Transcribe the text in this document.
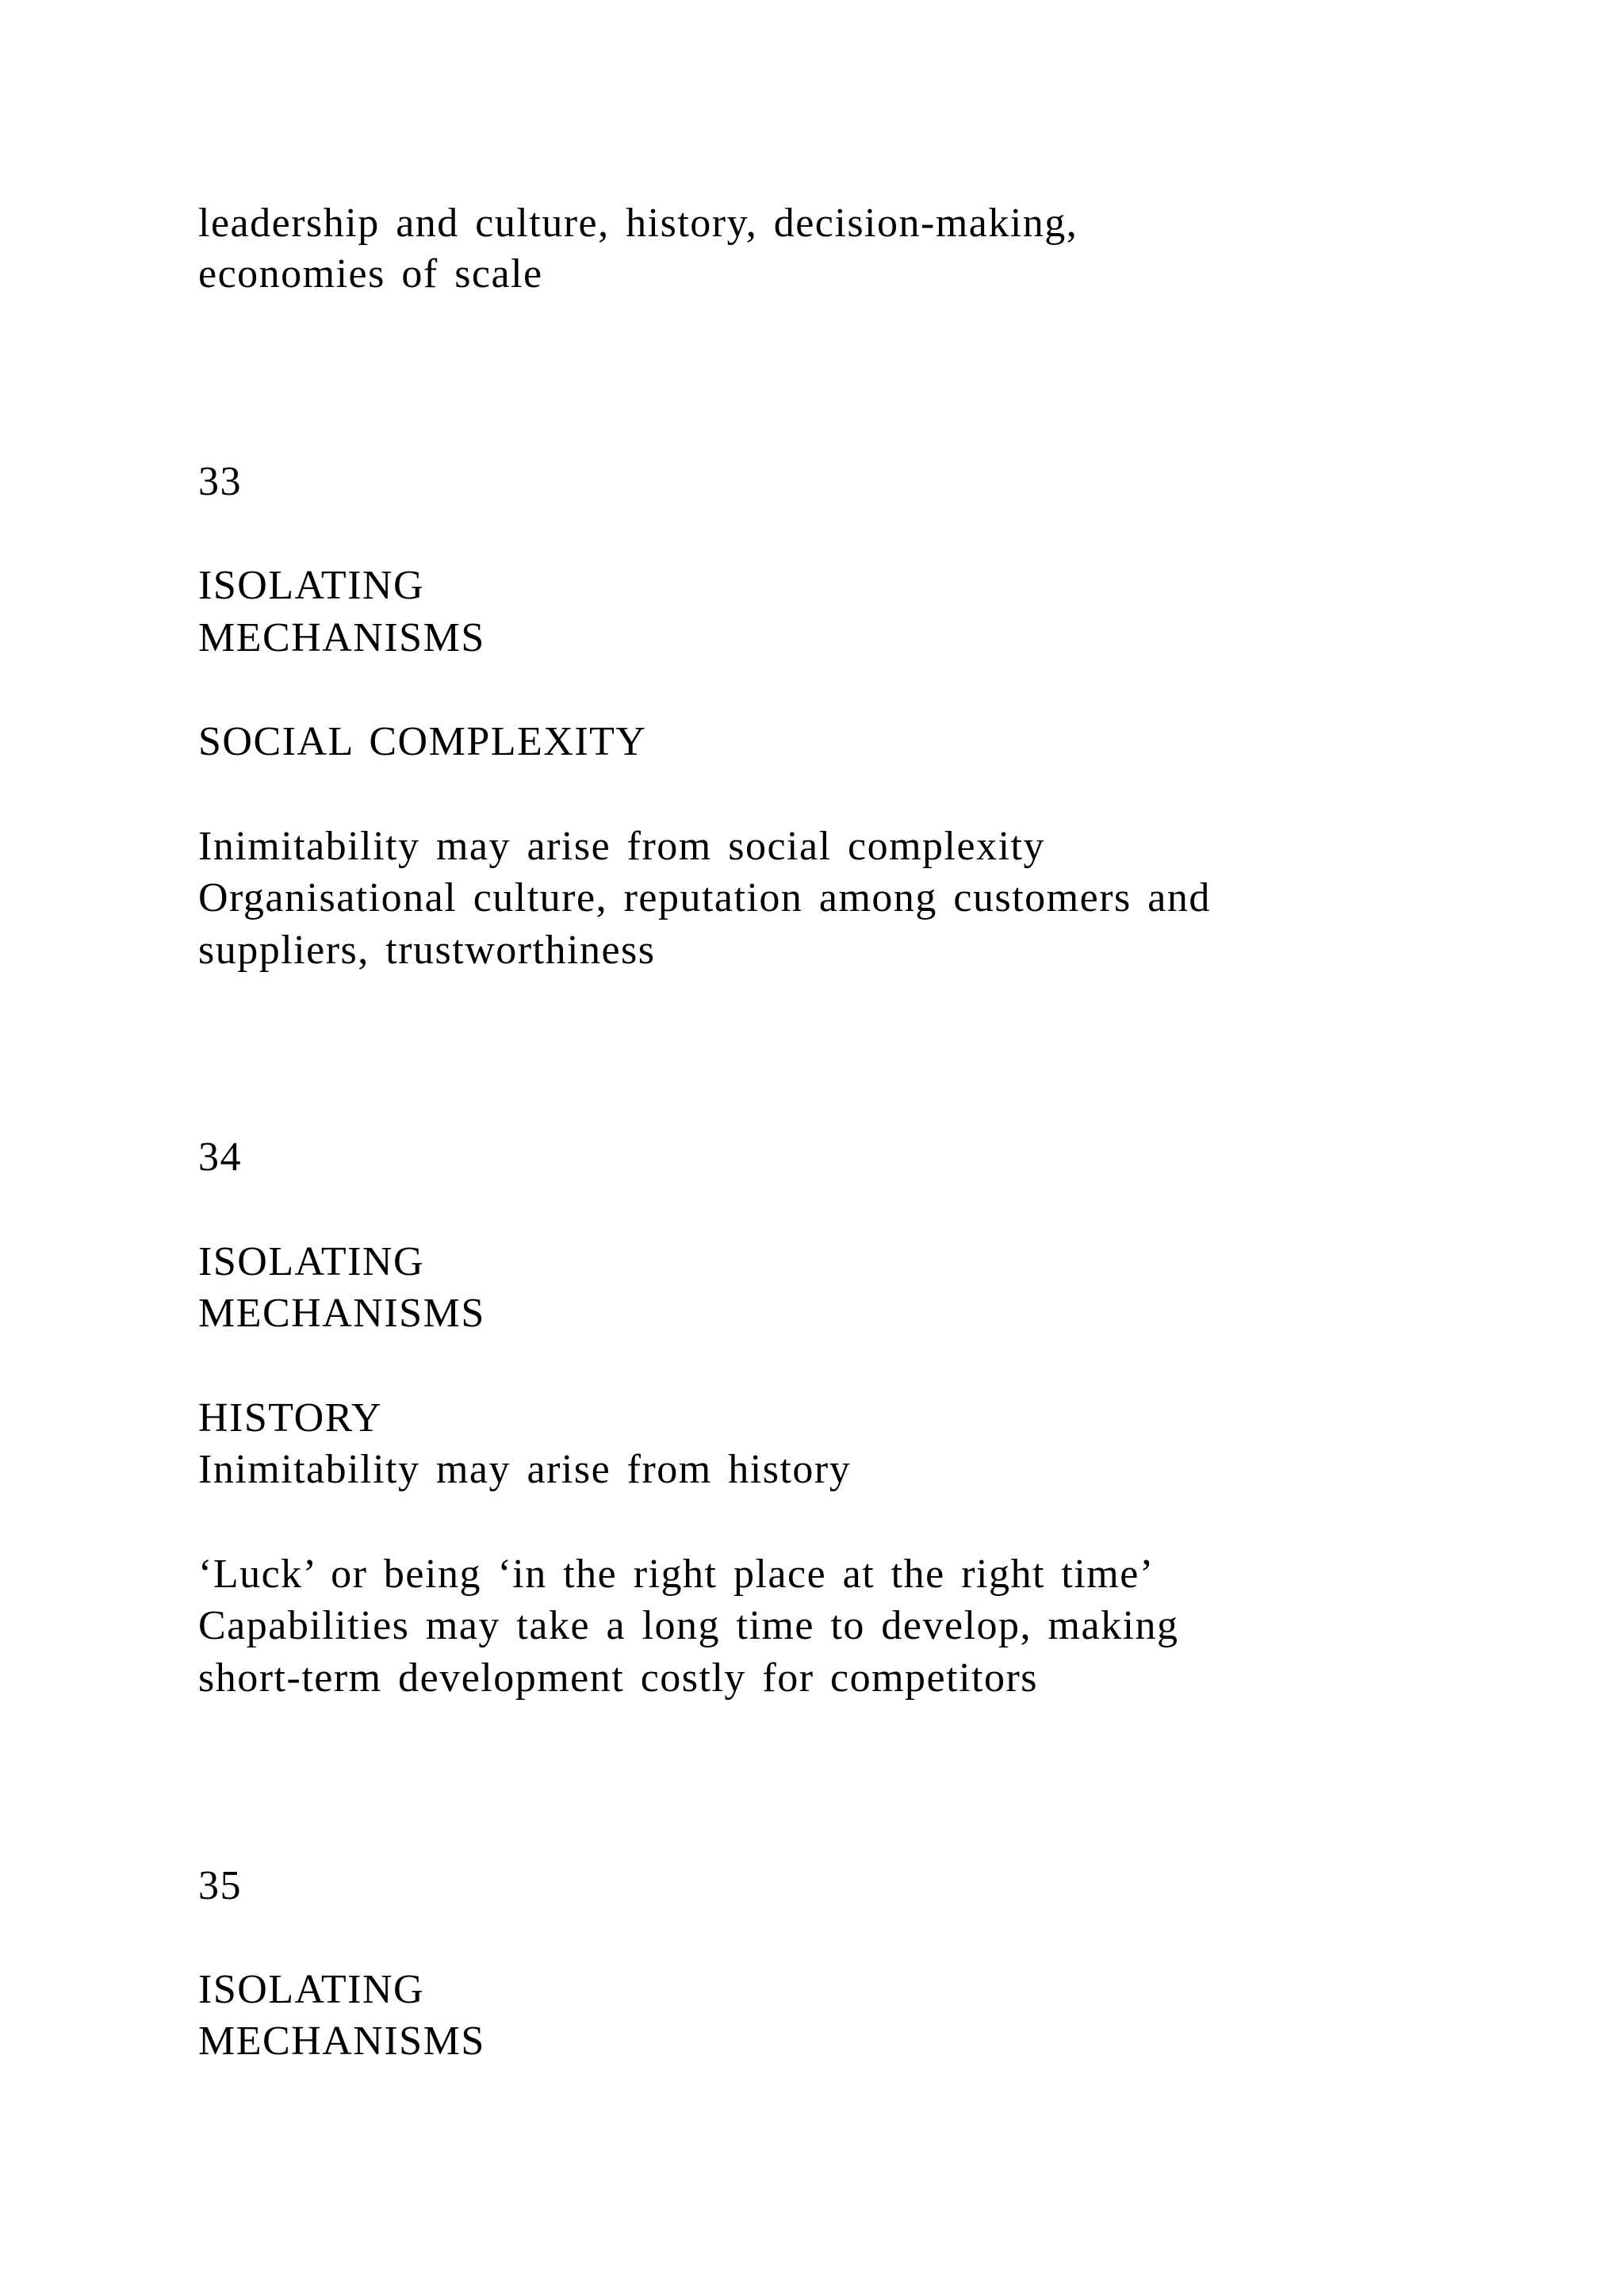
leadership and culture, history, decision-making,
economies of scale
33
ISOLATING
MECHANISMS
SOCIAL COMPLEXITY
Inimitability may arise from social complexity
Organisational culture, reputation among customers and
suppliers, trustworthiness
34
ISOLATING
MECHANISMS
HISTORY
Inimitability may arise from history
‘Luck’ or being ‘in the right place at the right time’
Capabilities may take a long time to develop, making
short-term development costly for competitors
35
ISOLATING
MECHANISMS
